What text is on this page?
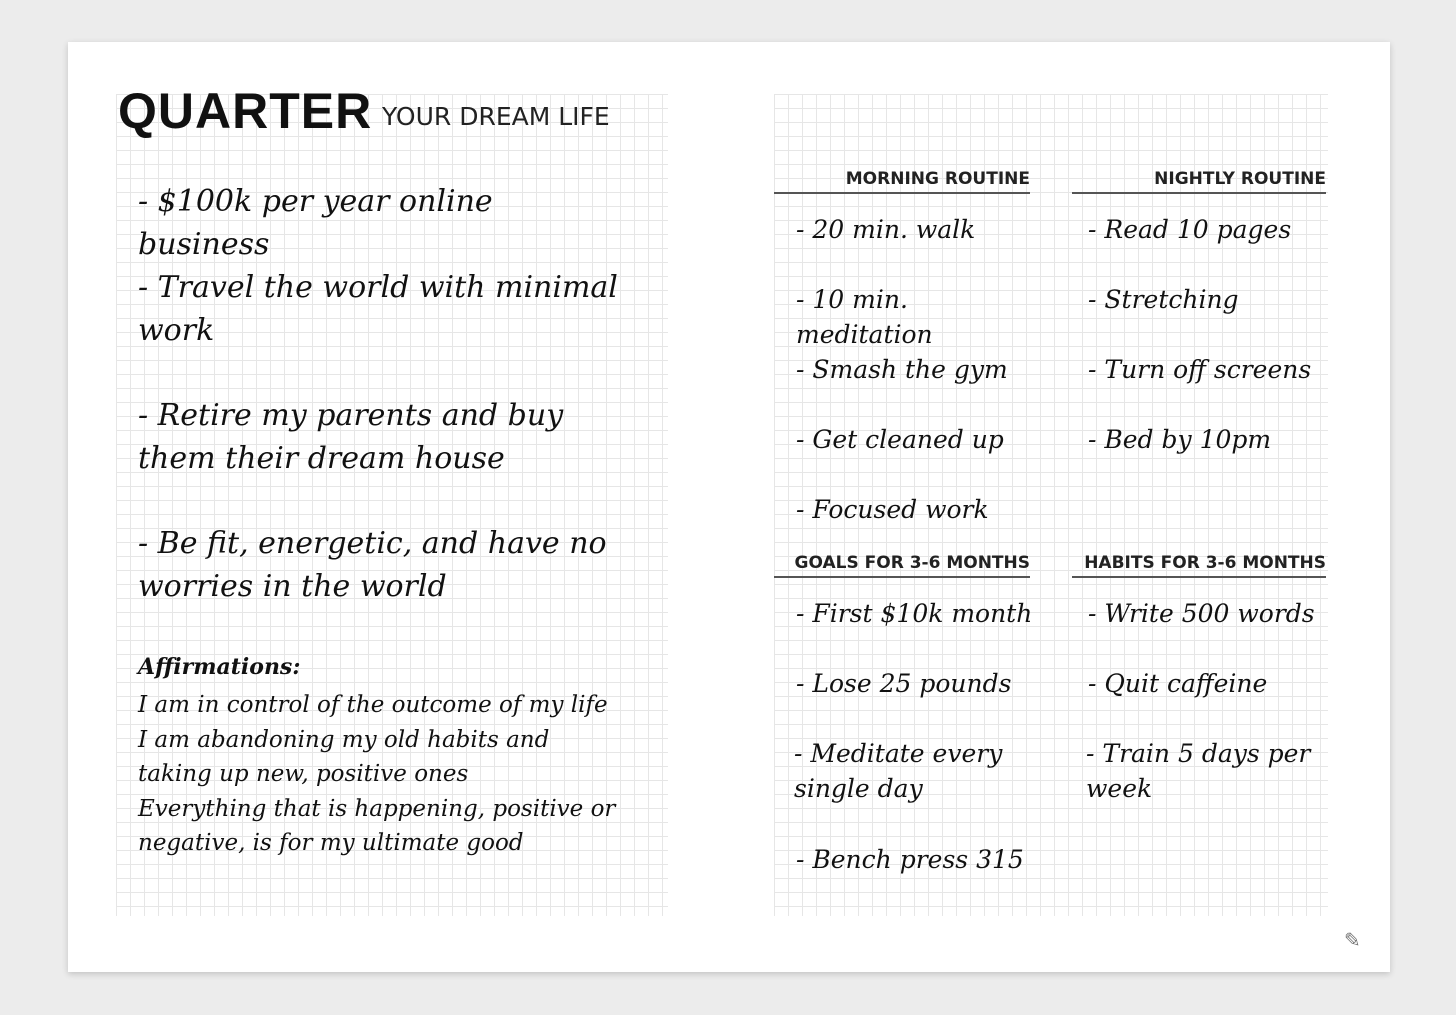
QUARTER YOUR DREAM LIFE

- $100k per year online business

- Travel the world with minimal work

- Retire my parents and buy them their dream house

- Be fit, energetic, and have no worries in the world

Affirmations:
I am in control of the outcome of my life
I am abandoning my old habits and taking up new, positive ones
Everything that is happening, positive or negative, is for my ultimate good
MORNING ROUTINE	NIGHTLY ROUTINE

- 20 min. walk

- 10 min. meditation

- Smash the gym

- Get cleaned up

- Focused work

- Read 10 pages

- Stretching

- Turn off screens

- Bed by 10pm

GOALS FOR 3-6 MONTHS	HABITS FOR 3-6 MONTHS

- First $10k month

- Lose 25 pounds

- Meditate every single day

- Bench press 315

- Write 500 words

- Quit caffeine

- Train 5 days per week

✎
